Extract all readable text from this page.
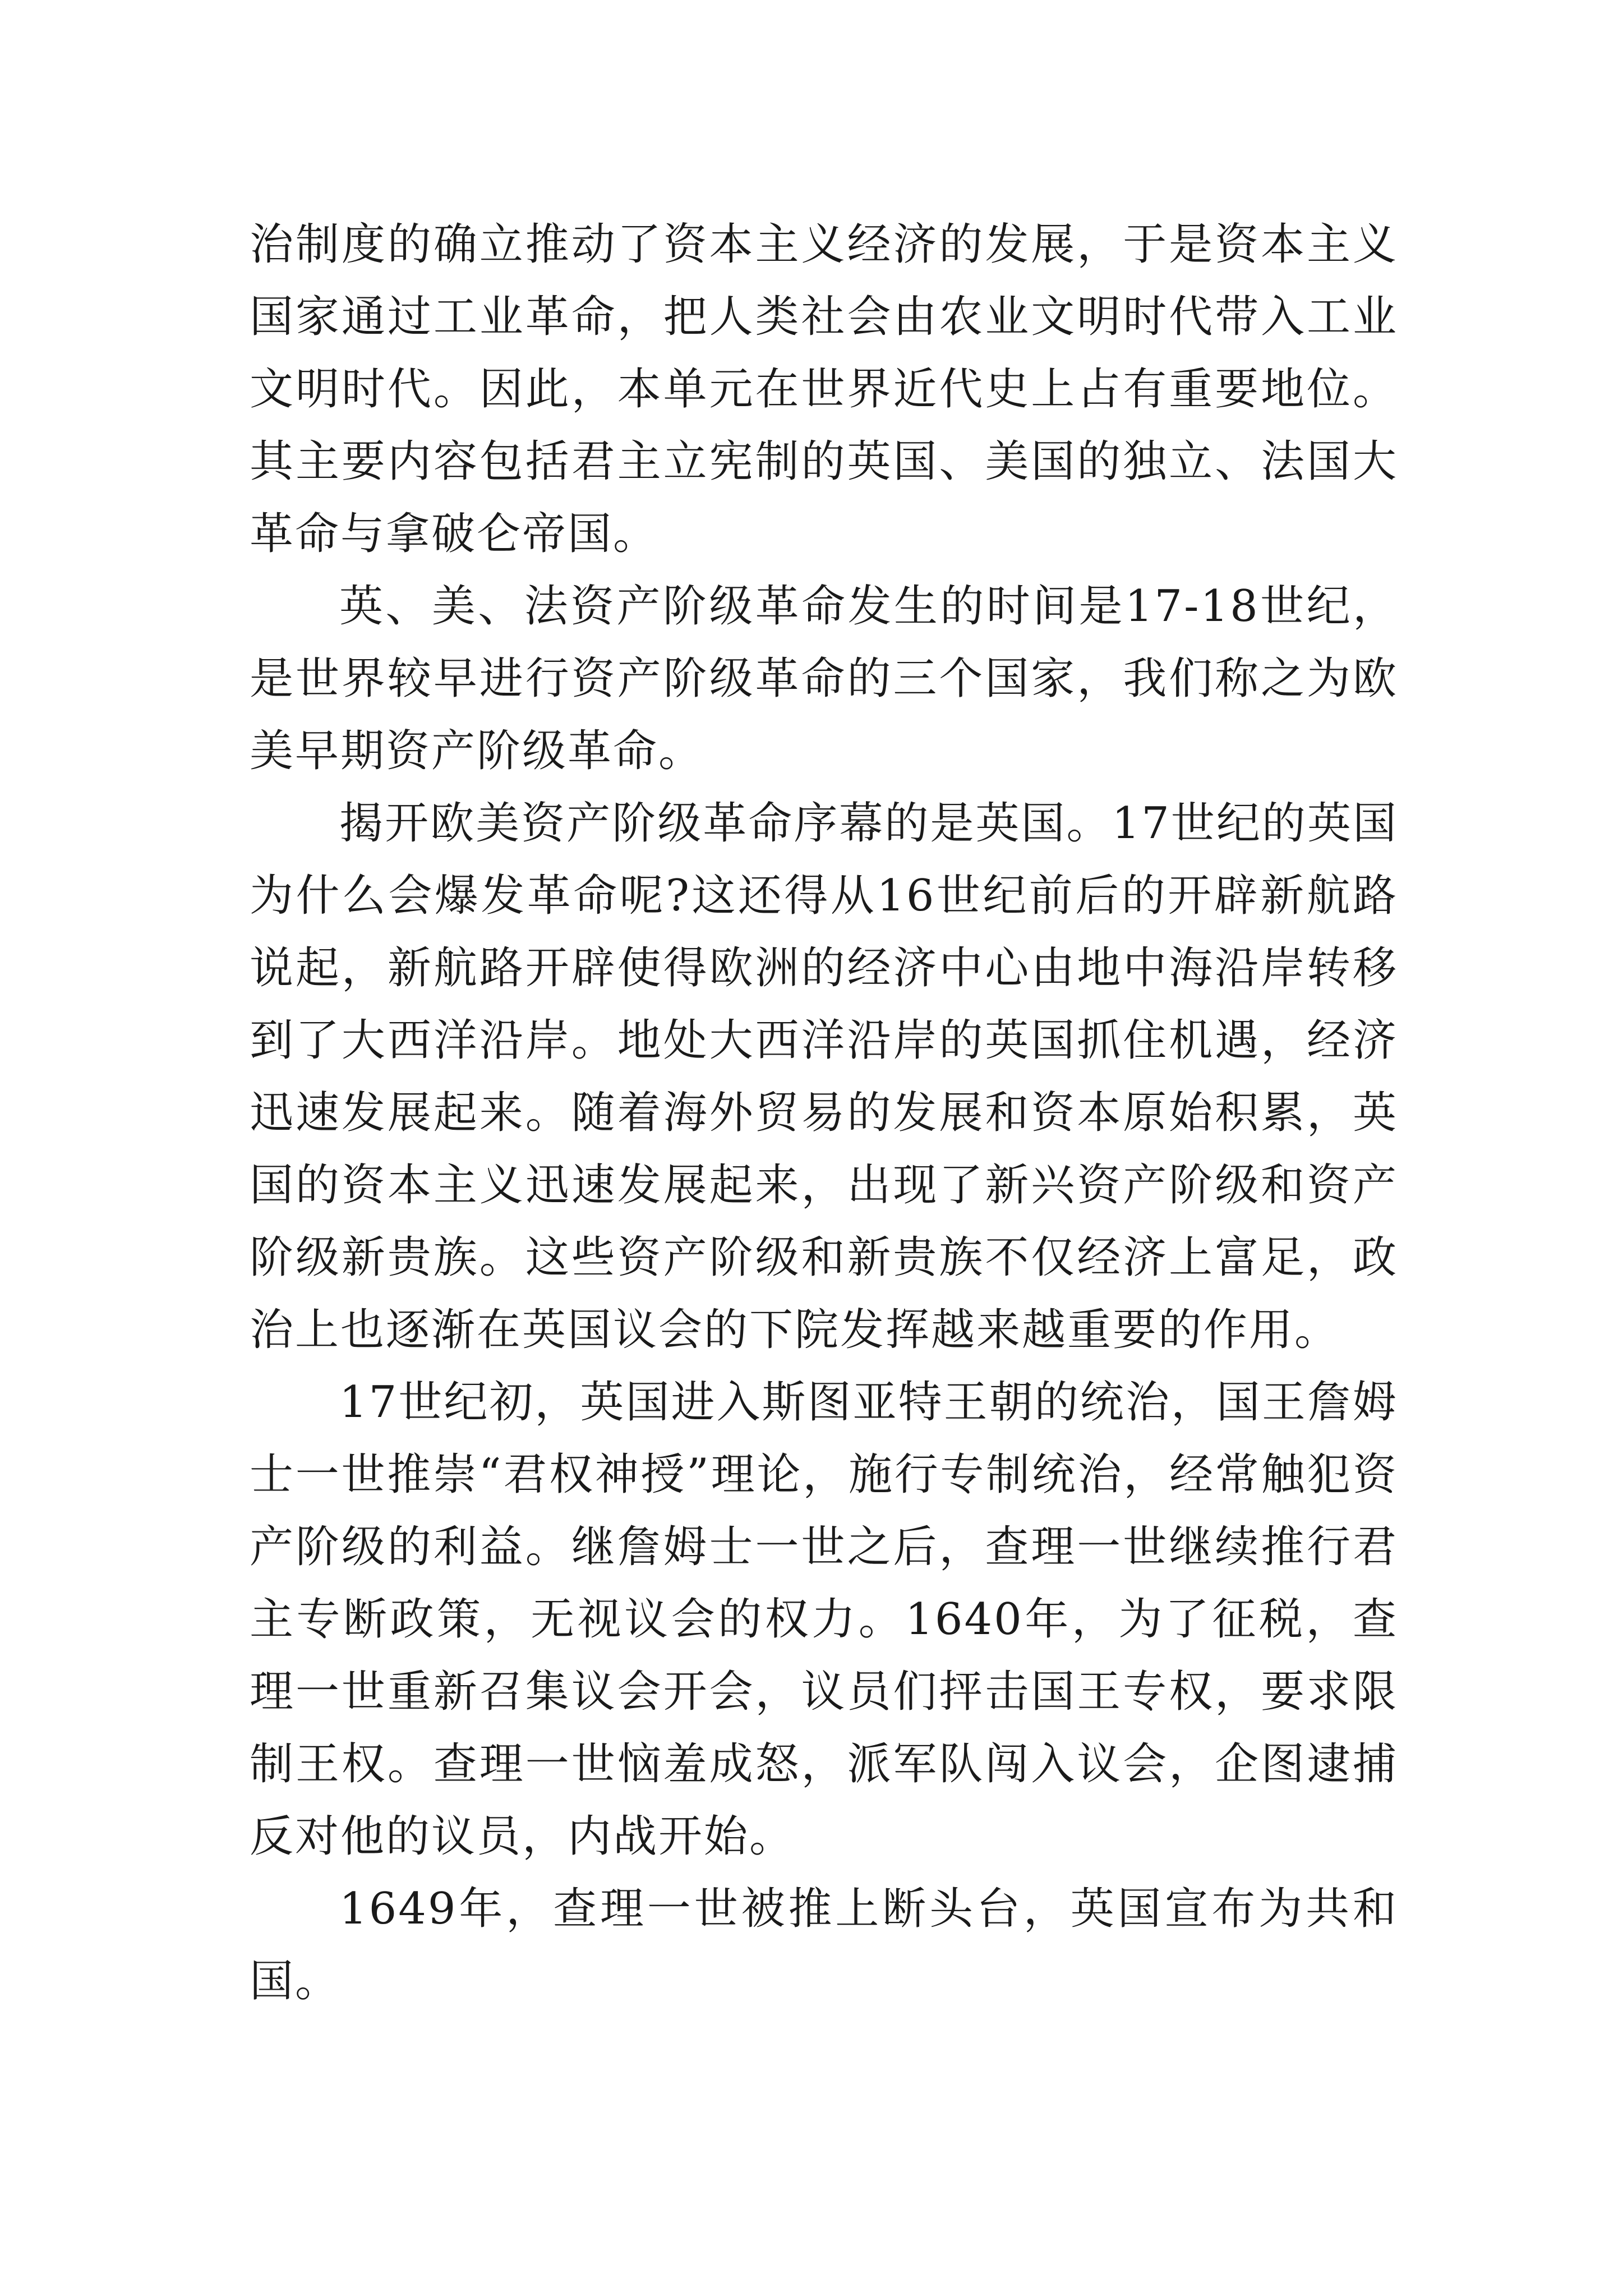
治制度的确立推动了资本主义经济的发展，于是资本主义国家通过工业革命，把人类社会由农业文明时代带入工业文明时代。因此，本单元在世界近代史上占有重要地位。其主要内容包括君主立宪制的英国、美国的独立、法国大革命与拿破仑帝国。

英、美、法资产阶级革命发生的时间是17-18世纪，是世界较早进行资产阶级革命的三个国家，我们称之为欧美早期资产阶级革命。

揭开欧美资产阶级革命序幕的是英国。17世纪的英国为什么会爆发革命呢?这还得从16世纪前后的开辟新航路说起，新航路开辟使得欧洲的经济中心由地中海沿岸转移到了大西洋沿岸。地处大西洋沿岸的英国抓住机遇，经济迅速发展起来。随着海外贸易的发展和资本原始积累，英国的资本主义迅速发展起来，出现了新兴资产阶级和资产阶级新贵族。这些资产阶级和新贵族不仅经济上富足，政治上也逐渐在英国议会的下院发挥越来越重要的作用。

17世纪初，英国进入斯图亚特王朝的统治，国王詹姆士一世推崇“君权神授”理论，施行专制统治，经常触犯资产阶级的利益。继詹姆士一世之后，查理一世继续推行君主专断政策，无视议会的权力。1640年，为了征税，查理一世重新召集议会开会，议员们抨击国王专权，要求限制王权。查理一世恼羞成怒，派军队闯入议会，企图逮捕反对他的议员，内战开始。

1649年，查理一世被推上断头台，英国宣布为共和国。
